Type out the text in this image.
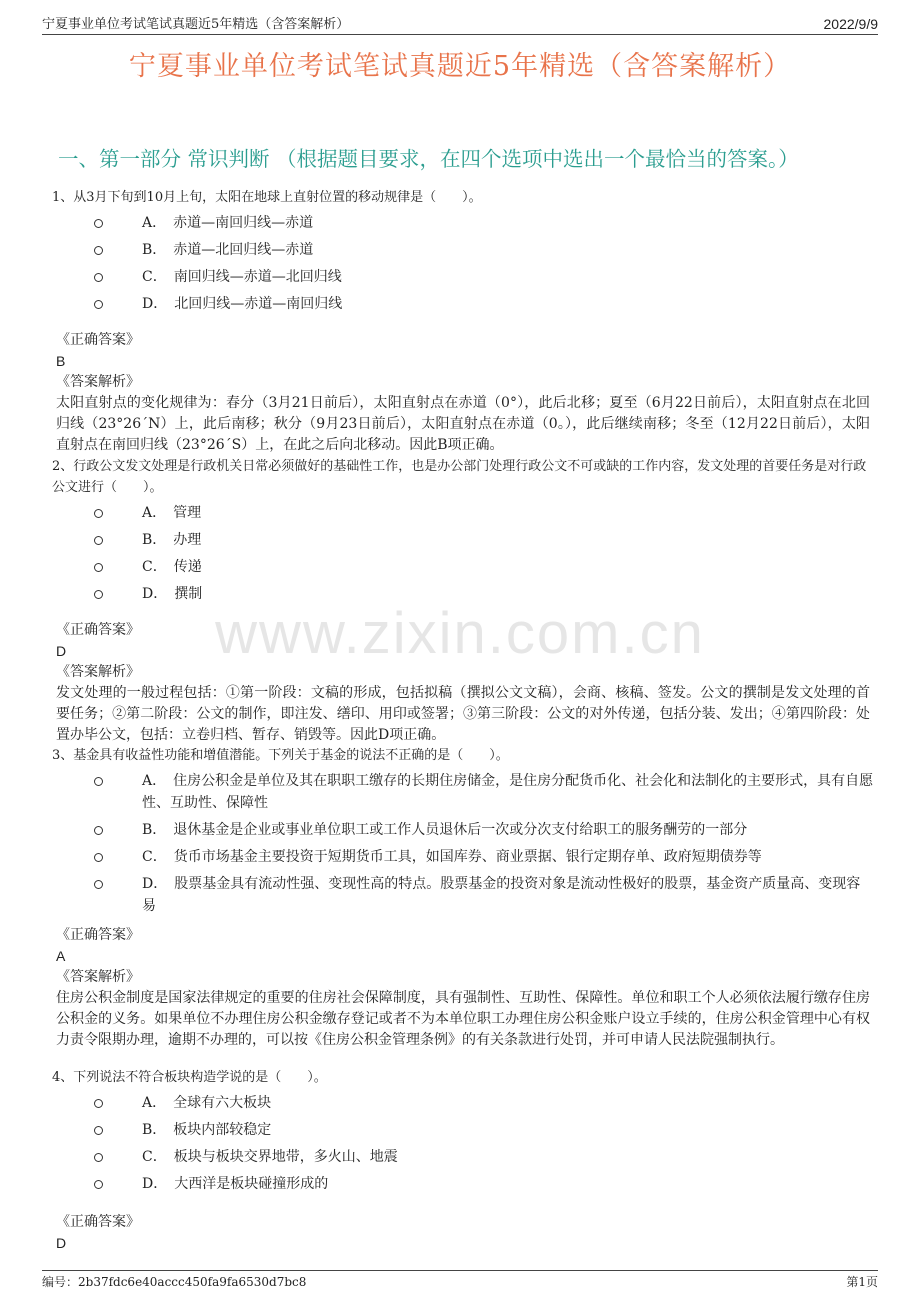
宁夏事业单位考试笔试真题近5年精选（含答案解析）	2022/9/9
宁夏事业单位考试笔试真题近5年精选（含答案解析）
一、第一部分 常识判断 （根据题目要求，在四个选项中选出一个最恰当的答案。）
www.zixin.com.cn

1、从3月下旬到10月上旬，太阳在地球上直射位置的移动规律是（　　）。

A．　 赤道—南回归线—赤道
B．　 赤道—北回归线—赤道
C．　 南回归线—赤道—北回归线
D．　 北回归线—赤道—南回归线
《正确答案》
B
《答案解析》
太阳直射点的变化规律为：春分（3月21日前后），太阳直射点在赤道（0°），此后北移；夏至（6月22日前后），太阳直射点在北回归线（23°26´N）上，此后南移；秋分（9月23日前后），太阳直射点在赤道（0。），此后继续南移；冬至（12月22日前后），太阳直射点在南回归线（23°26´S）上，在此之后向北移动。因此B项正确。

2、行政公文发文处理是行政机关日常必须做好的基础性工作，也是办公部门处理行政公文不可或缺的工作内容，发文处理的首要任务是对行政公文进行（　　）。

A．　 管理
B．　 办理
C．　 传递
D．　 撰制
《正确答案》
D
《答案解析》
发文处理的一般过程包括：①第一阶段：文稿的形成，包括拟稿（撰拟公文文稿），会商、核稿、签发。公文的撰制是发文处理的首要任务；②第二阶段：公文的制作，即注发、缮印、用印或签署；③第三阶段：公文的对外传递，包括分装、发出；④第四阶段：处置办毕公文，包括：立卷归档、暂存、销毁等。因此D项正确。

3、基金具有收益性功能和增值潜能。下列关于基金的说法不正确的是（　　）。

A．　 住房公积金是单位及其在职职工缴存的长期住房储金，是住房分配货币化、社会化和法制化的主要形式，具有自愿性、互助性、保障性
B．　 退休基金是企业或事业单位职工或工作人员退休后一次或分次支付给职工的服务酬劳的一部分
C．　 货币市场基金主要投资于短期货币工具，如国库券、商业票据、银行定期存单、政府短期债券等
D．　 股票基金具有流动性强、变现性高的特点。股票基金的投资对象是流动性极好的股票，基金资产质量高、变现容易
《正确答案》
A
《答案解析》
住房公积金制度是国家法律规定的重要的住房社会保障制度，具有强制性、互助性、保障性。单位和职工个人必须依法履行缴存住房公积金的义务。如果单位不办理住房公积金缴存登记或者不为本单位职工办理住房公积金账户设立手续的，住房公积金管理中心有权力责令限期办理，逾期不办理的，可以按《住房公积金管理条例》的有关条款进行处罚，并可申请人民法院强制执行。

4、下列说法不符合板块构造学说的是（　　）。

A．　 全球有六大板块
B．　 板块内部较稳定
C．　 板块与板块交界地带，多火山、地震
D．　 大西洋是板块碰撞形成的
《正确答案》
D
编号：2b37fdc6e40accc450fa9fa6530d7bc8	第1页
